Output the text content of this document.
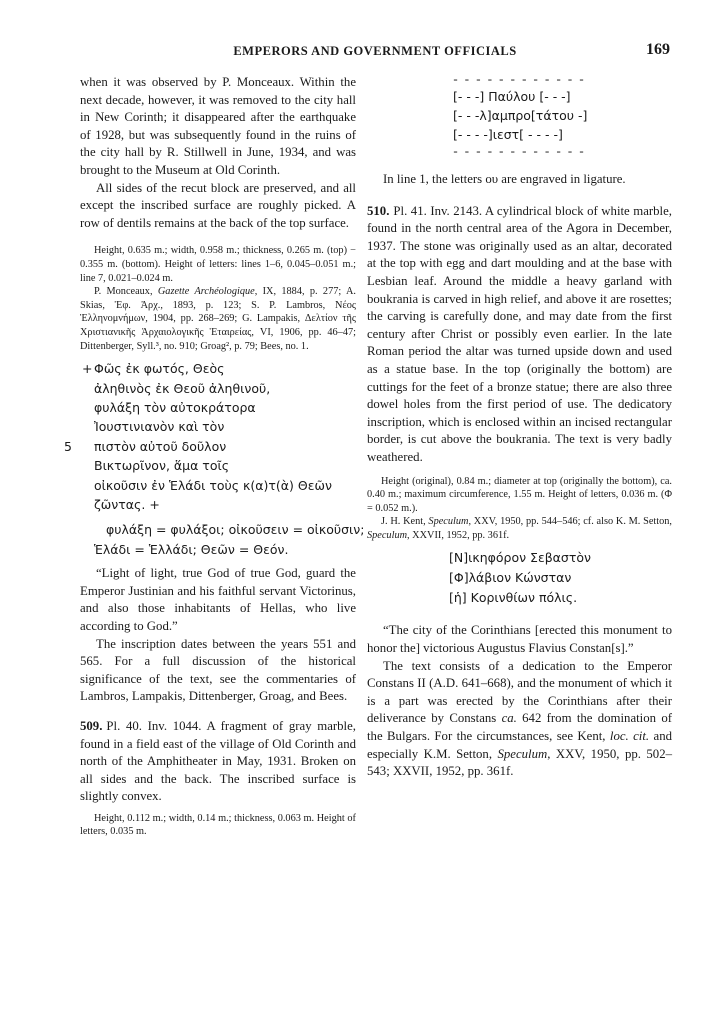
EMPERORS AND GOVERNMENT OFFICIALS	169

when it was observed by P. Monceaux. Within the next decade, however, it was removed to the city hall in New Corinth; it disappeared after the earthquake of 1928, but was subsequently found in the ruins of the city hall by R. Stillwell in June, 1934, and was brought to the Museum at Old Corinth.

All sides of the recut block are preserved, and all except the inscribed surface are roughly picked. A row of dentils remains at the back of the top surface.

Height, 0.635 m.; width, 0.958 m.; thickness, 0.265 m. (top) − 0.355 m. (bottom). Height of letters: lines 1–6, 0.045–0.051 m.; line 7, 0.021–0.024 m.

P. Monceaux, Gazette Archéologique, IX, 1884, p. 277; A. Skias, Ἐφ. Ἀρχ., 1893, p. 123; S. P. Lambros, Νέος Ἑλληνομνήμων, 1904, pp. 268–269; G. Lampakis, Δελτίον τῆς Χριστιανικῆς Ἀρχαιολογικῆς Ἑταιρείας, VI, 1906, pp. 46–47; Dittenberger, Syll.³, no. 910; Groag², p. 79; Bees, no. 1.

+ Φῶς ἐκ φωτός, Θεὸς
ἀληθινὸς ἐκ Θεοῦ ἀληθινοῦ,
φυλάξη τὸν αὐτοκράτορα
Ἰουστινιανὸν καὶ τὸν
5 πιστὸν αὐτοῦ δοῦλον
Βικτωρῖνον, ἅμα τοῖς
οἰκοῦσιν ἐν Ἑλάδι τοὺς κ(α)τ(ὰ) Θεῶν
ζῶντας. +
φυλάξη = φυλάξοι; οἰκοῦσειν = οἰκοῦσιν;
Ἑλάδι = Ἑλλάδι; Θεῶν = Θεόν.

“Light of light, true God of true God, guard the Emperor Justinian and his faithful servant Victorinus, and also those inhabitants of Hellas, who live according to God.”

The inscription dates between the years 551 and 565. For a full discussion of the historical significance of the text, see the commentaries of Lambros, Lampakis, Dittenberger, Groag, and Bees.

509. Pl. 40. Inv. 1044. A fragment of gray marble, found in a field east of the village of Old Corinth and north of the Amphitheater in May, 1931. Broken on all sides and the back. The inscribed surface is slightly convex.

Height, 0.112 m.; width, 0.14 m.; thickness, 0.063 m. Height of letters, 0.035 m.

- - - - - - - - - - - -
[- - -] Παύλου [- - -]
[- - -λ]αμπρο[τάτου -]
[- - - -]ιεστ[ - - - -]
- - - - - - - - - - - -

In line 1, the letters ου are engraved in ligature.

510. Pl. 41. Inv. 2143. A cylindrical block of white marble, found in the north central area of the Agora in December, 1937. The stone was originally used as an altar, decorated at the top with egg and dart moulding and at the base with Lesbian leaf. Around the middle a heavy garland with boukrania is carved in high relief, and above it are rosettes; the carving is carefully done, and may date from the first century after Christ or possibly even earlier. In the late Roman period the altar was turned upside down and used as a statue base. In the top (originally the bottom) are cuttings for the feet of a bronze statue; there are also three dowel holes from the first period of use. The dedicatory inscription, which is enclosed within an incised rectangular border, is cut above the boukrania. The text is very badly weathered.

Height (original), 0.84 m.; diameter at top (originally the bottom), ca. 0.40 m.; maximum circumference, 1.55 m. Height of letters, 0.036 m. (Φ = 0.052 m.).

J. H. Kent, Speculum, XXV, 1950, pp. 544–546; cf. also K. M. Setton, Speculum, XXVII, 1952, pp. 361f.

[Ν]ικηφόρον Σεβαστὸν
[Φ]λάβιον Κώνσταν
[ἡ] Κορινθίων πόλις.

“The city of the Corinthians [erected this monument to honor the] victorious Augustus Flavius Constan[s].”

The text consists of a dedication to the Emperor Constans II (A.D. 641–668), and the monument of which it is a part was erected by the Corinthians after their deliverance by Constans ca. 642 from the domination of the Bulgars. For the circumstances, see Kent, loc. cit. and especially K.M. Setton, Speculum, XXV, 1950, pp. 502–543; XXVII, 1952, pp. 361f.
